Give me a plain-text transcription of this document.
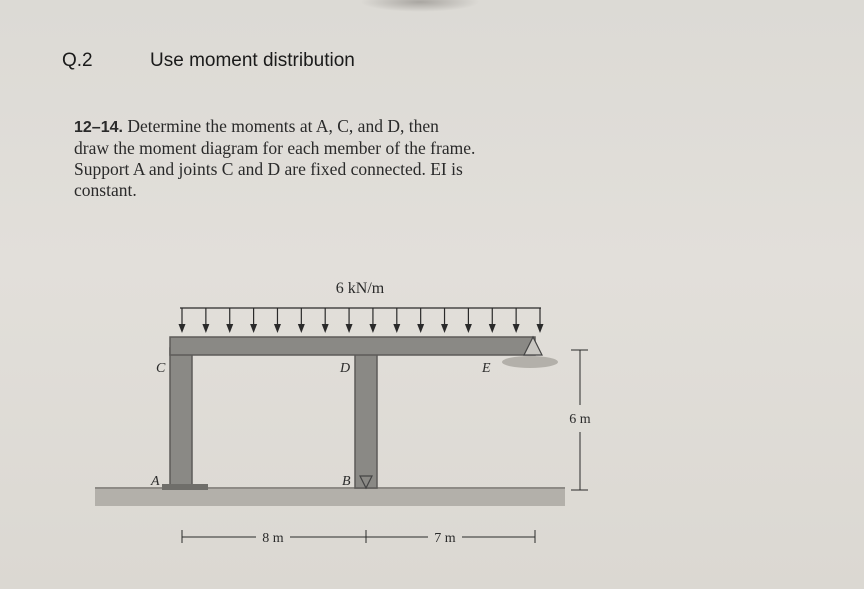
Q.2	Use moment distribution
12–14. Determine the moments at A, C, and D, then
draw the moment diagram for each member of the frame.
Support A and joints C and D are fixed connected. EI is
constant.
6 kN/m
C	D	E
A	B
8 m	7 m
6 m
